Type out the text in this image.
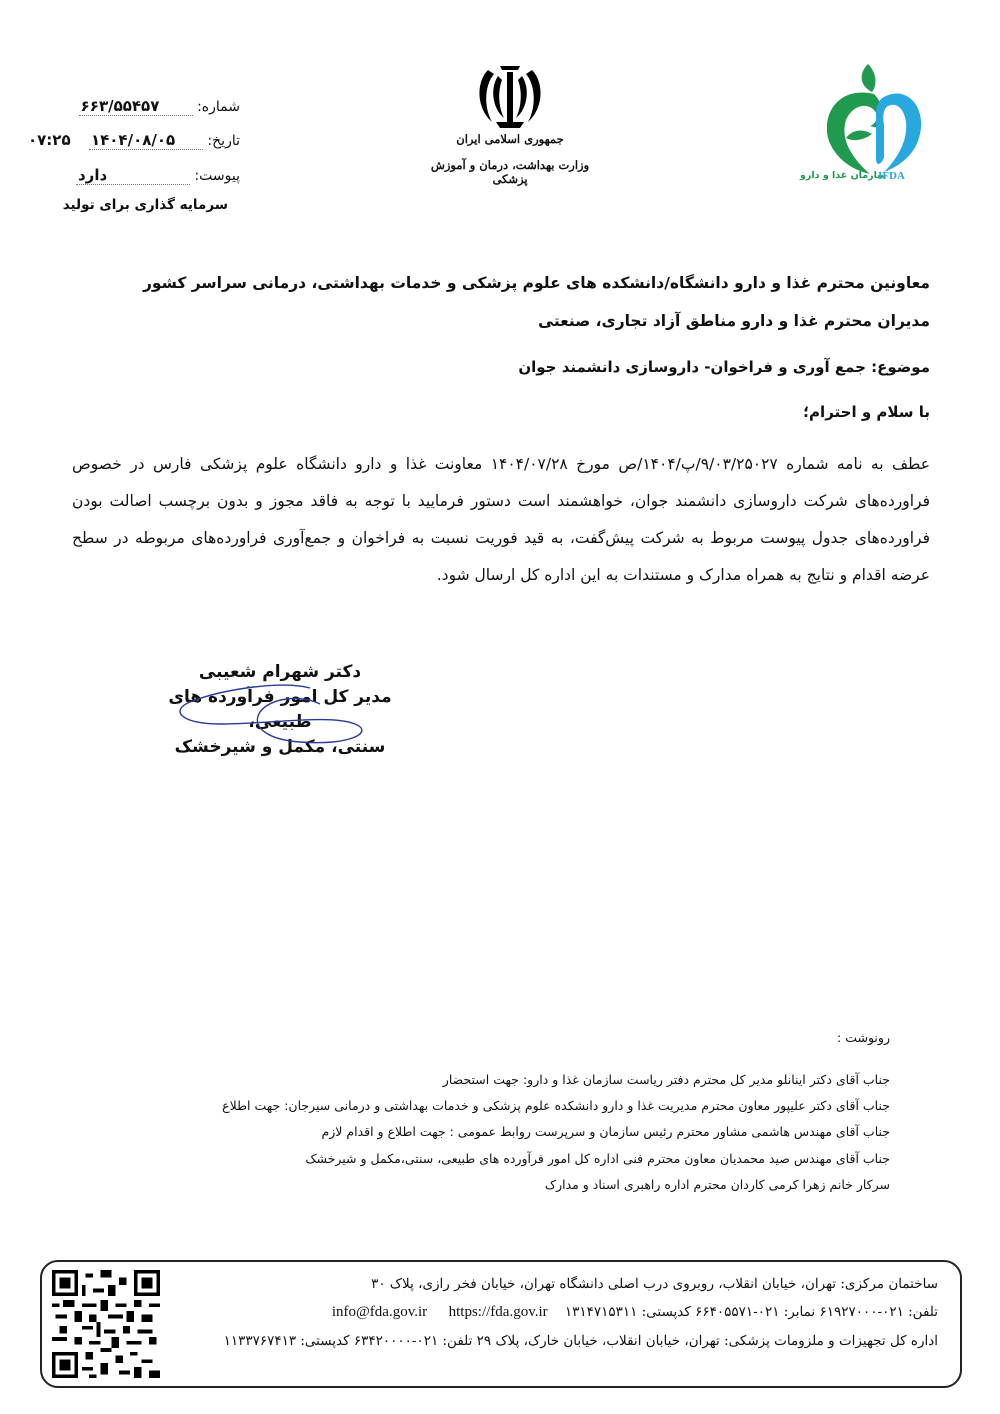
شماره: ۶۶۳/۵۵۴۵۷
تاریخ: ۱۴۰۴/۰۸/۰۵
۰۷:۲۵
پیوست: دارد
سرمایه گذاری برای تولید
جمهوری اسلامی ایران
وزارت بهداشت، درمان و آموزش پزشکی	سازمان غذا و دارو
IFDA
معاونین محترم غذا و دارو دانشگاه/دانشکده های علوم پزشکی و خدمات بهداشتی، درمانی سراسر کشور
مدیران محترم غذا و دارو مناطق آزاد تجاری، صنعتی
موضوع: جمع آوری و فراخوان- داروسازی دانشمند جوان
با سلام و احترام؛
عطف به نامه شماره ۹/۰۳/۲۵۰۲۷/پ/۱۴۰۴/ص مورخ ۱۴۰۴/۰۷/۲۸ معاونت غذا و دارو دانشگاه علوم پزشکی فارس در خصوص فراورده‌های شرکت داروسازی دانشمند جوان، خواهشمند است دستور فرمایید با توجه به فاقد مجوز و بدون برچسب اصالت بودن فراورده‌های جدول پیوست مربوط به شرکت پیش‌گفت، به قید فوریت نسبت به فراخوان و جمع‌آوری فراورده‌های مربوطه در سطح عرضه اقدام و نتایج به همراه مدارک و مستندات به این اداره کل ارسال شود.
دکتر شهرام شعیبی
مدیر کل امور فرآورده های طبیعی،
سنتی، مکمل و شیرخشک
رونوشت :
جناب آقای دکتر اینانلو مدیر کل محترم دفتر ریاست سازمان غذا و دارو: جهت استحضار
جناب آقای دکتر علیپور معاون محترم مدیریت غذا و دارو دانشکده علوم پزشکی و خدمات بهداشتی و درمانی سیرجان: جهت اطلاع
جناب آقای مهندس هاشمی مشاور محترم رئیس سازمان و سرپرست روابط عمومی : جهت اطلاع و اقدام لازم
جناب آقای مهندس صید محمدیان معاون محترم فنی اداره کل امور فرآورده های طبیعی، سنتی،مکمل و شیرخشک
سرکار خانم زهرا کرمی کاردان محترم اداره راهبری اسناد و مدارک
ساختمان مرکزی: تهران، خیابان انقلاب، روبروی درب اصلی دانشگاه تهران، خیابان فخر رازی، پلاک ۳۰
تلفن: ۰۲۱-۶۱۹۲۷۰۰۰ نمابر: ۰۲۱-۶۶۴۰۵۵۷۱ کدپستی: ۱۳۱۴۷۱۵۳۱۱    info@fda.gov.ir https://fda.gov.ir
اداره کل تجهیزات و ملزومات پزشکی: تهران، خیابان انقلاب، خیابان خارک، پلاک ۲۹ تلفن: ۰۲۱-۶۳۴۲۰۰۰۰ کدپستی: ۱۱۳۳۷۶۷۴۱۳
